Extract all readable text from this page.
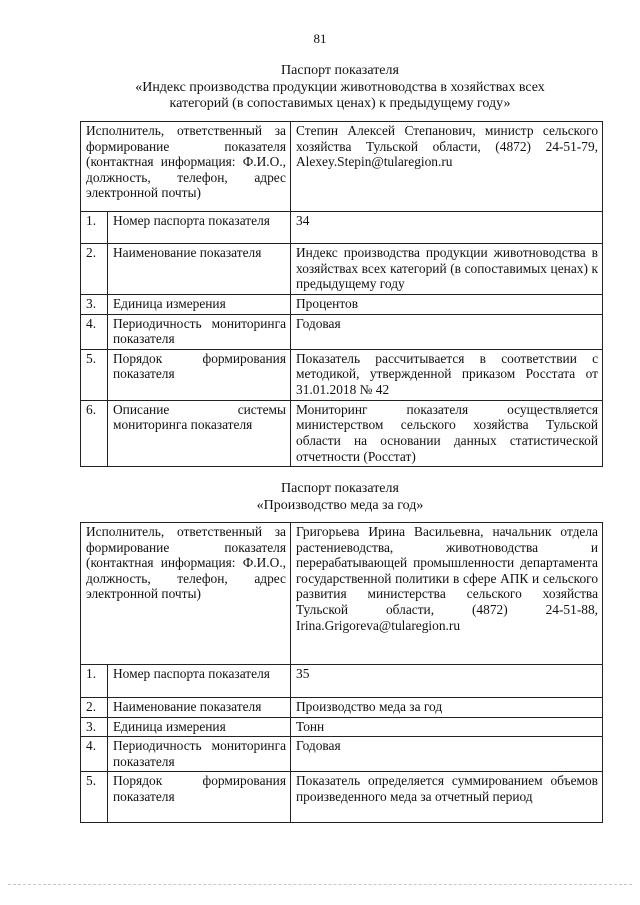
81
Паспорт показателя
«Индекс производства продукции животноводства в хозяйствах всех
категорий (в сопоставимых ценах) к предыдущему году»
Исполнитель, ответственный за формирование показателя (контактная информация: Ф.И.О., должность, телефон, адрес электронной почты)		Степин Алексей Степанович, министр сельского хозяйства Тульской области, (4872) 24-51-79, Alexey.Stepin@tularegion.ru
1.	Номер паспорта показателя	34
2.	Наименование показателя	Индекс производства продукции животноводства в хозяйствах всех категорий (в сопоставимых ценах) к предыдущему году
3.	Единица измерения	Процентов
4.	Периодичность мониторинга показателя	Годовая
5.	Порядок формирования показателя	Показатель рассчитывается в соответствии с методикой, утвержденной приказом Росстата от 31.01.2018 № 42
6.	Описание системы мониторинга показателя	Мониторинг показателя осуществляется министерством сельского хозяйства Тульской области на основании данных статистической отчетности (Росстат)
Паспорт показателя
«Производство меда за год»
Исполнитель, ответственный за формирование показателя (контактная информация: Ф.И.О., должность, телефон, адрес электронной почты)		Григорьева Ирина Васильевна, начальник отдела растениеводства, животноводства и перерабатывающей промышленности департамента государственной политики в сфере АПК и сельского развития министерства сельского хозяйства Тульской области, (4872) 24-51-88, Irina.Grigoreva@tularegion.ru
1.	Номер паспорта показателя	35
2.	Наименование показателя	Производство меда за год
3.	Единица измерения	Тонн
4.	Периодичность мониторинга показателя	Годовая
5.	Порядок формирования показателя	Показатель определяется суммированием объемов произведенного меда за отчетный период
